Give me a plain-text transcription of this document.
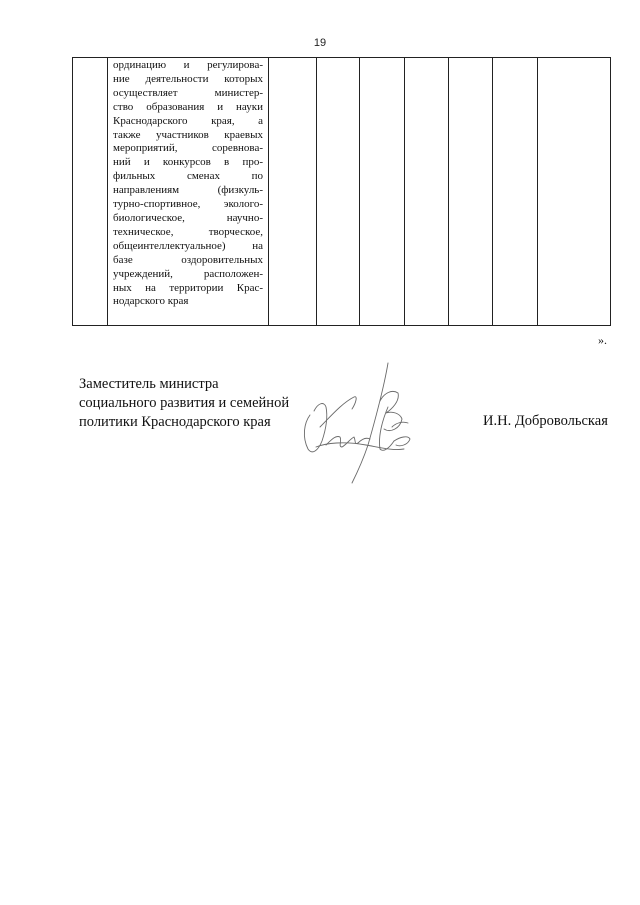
19

ординацию и регулирова-
ние деятельности которых
осуществляет министер-
ство образования и науки
Краснодарского края, а
также участников краевых
мероприятий, соревнова-
ний и конкурсов в про-
фильных сменах по
направлениям (физкуль-
турно-спортивное, эколого-
биологическое, научно-
техническое, творческое,
общеинтеллектуальное) на
базе оздоровительных
учреждений, расположен-
ных на территории Крас-
нодарского края

».
Заместитель министра
социального развития и семейной
политики Краснодарского края	И.Н. Добровольская
